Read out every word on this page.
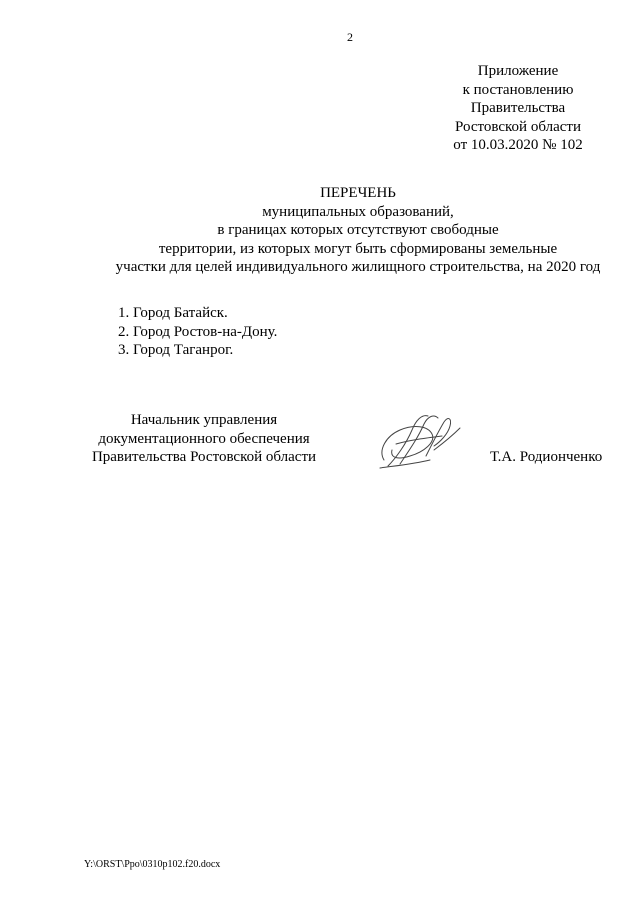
2
Приложение
к постановлению
Правительства
Ростовской области
от 10.03.2020 № 102
ПЕРЕЧЕНЬ
муниципальных образований,
в границах которых отсутствуют свободные
территории, из которых могут быть сформированы земельные
участки для целей индивидуального жилищного строительства, на 2020 год
1. Город Батайск.
2. Город Ростов-на-Дону.
3. Город Таганрог.
Начальник управления
документационного обеспечения
Правительства Ростовской области	Т.А. Родионченко
Y:\ORST\Ppo\0310p102.f20.docx
